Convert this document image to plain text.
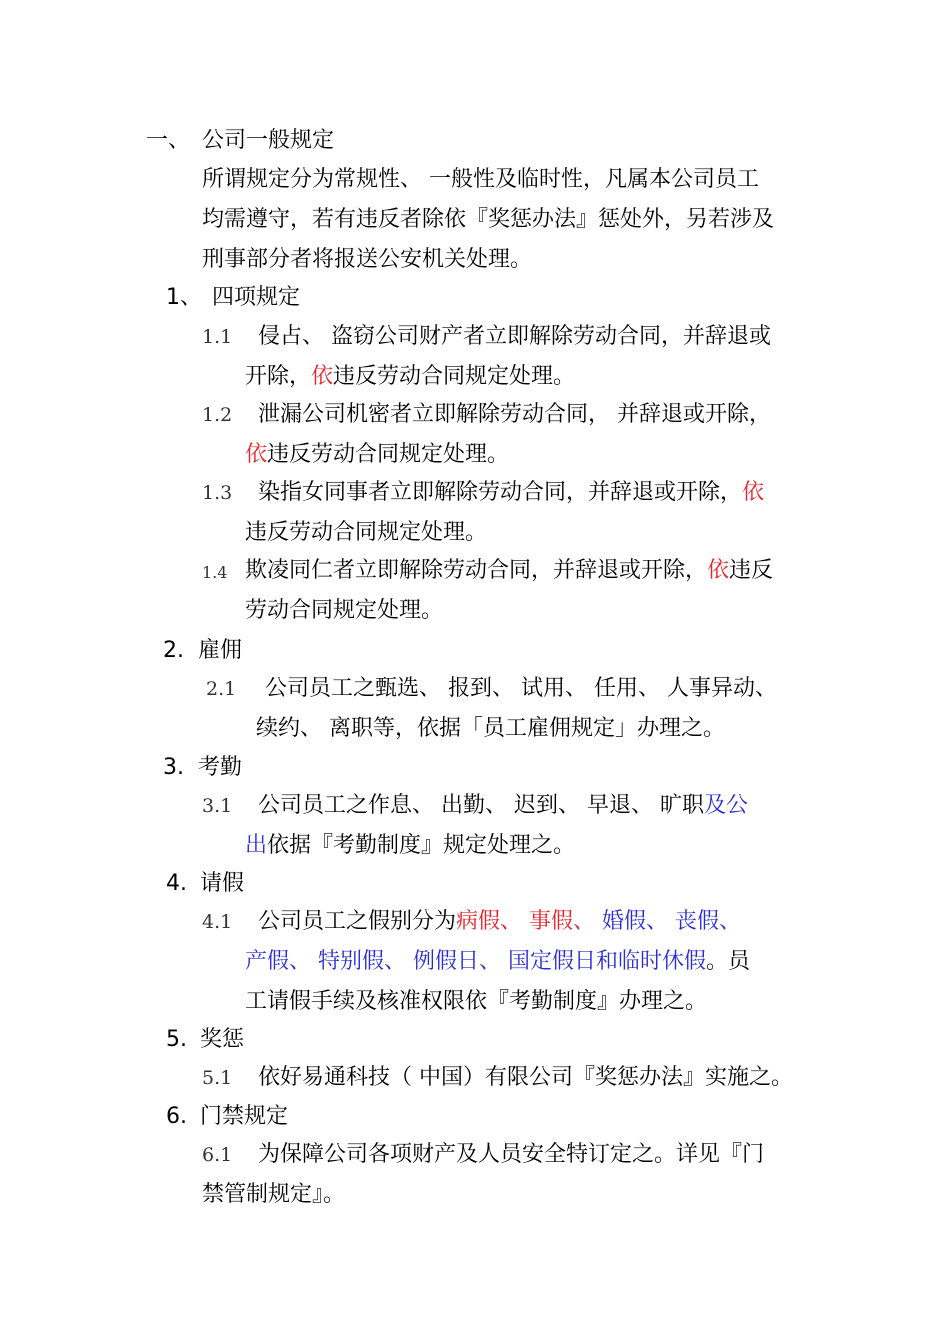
一、 公司一般规定
所谓规定分为常规性、 一般性及临时性，凡属本公司员工
均需遵守，若有违反者除依『奖惩办法』惩处外，另若涉及
刑事部分者将报送公安机关处理。
1、 四项规定
1.1 侵占、 盗窃公司财产者立即解除劳动合同，并辞退或
开除，依违反劳动合同规定处理。
1.2 泄漏公司机密者立即解除劳动合同， 并辞退或开除，
依违反劳动合同规定处理。
1.3 染指女同事者立即解除劳动合同，并辞退或开除，依
违反劳动合同规定处理。
1.4 欺凌同仁者立即解除劳动合同，并辞退或开除，依违反
劳动合同规定处理。
2. 雇佣
2.1 公司员工之甄选、 报到、 试用、 任用、 人事异动、
续约、 离职等，依据「员工雇佣规定」办理之。
3. 考勤
3.1 公司员工之作息、 出勤、 迟到、 早退、 旷职及公
出依据『考勤制度』规定处理之。
4. 请假
4.1 公司员工之假别分为病假、 事假、 婚假、 丧假、
产假、 特别假、 例假日、 国定假日和临时休假。员
工请假手续及核准权限依『考勤制度』办理之。
5. 奖惩
5.1 依好易通科技（ 中国）有限公司『奖惩办法』实施之。
6. 门禁规定
6.1 为保障公司各项财产及人员安全特订定之。详见『门
禁管制规定』。
